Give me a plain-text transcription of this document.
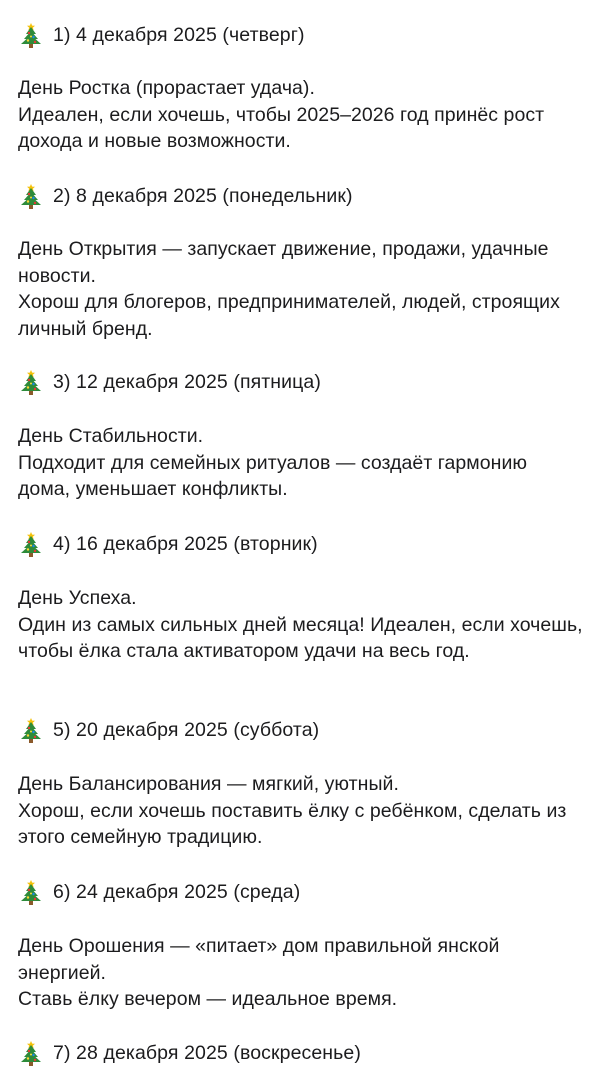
1) 4 декабря 2025 (четверг)

День Ростка (прорастает удача).

Идеален, если хочешь, чтобы 2025–2026 год принёс рост дохода и новые возможности.

2) 8 декабря 2025 (понедельник)

День Открытия — запускает движение, продажи, удачные новости.

Хорош для блогеров, предпринимателей, людей, строящих личный бренд.

3) 12 декабря 2025 (пятница)

День Стабильности.

Подходит для семейных ритуалов — создаёт гармонию дома, уменьшает конфликты.

4) 16 декабря 2025 (вторник)

День Успеха.

Один из самых сильных дней месяца! Идеален, если хочешь, чтобы ёлка стала активатором удачи на весь год.

5) 20 декабря 2025 (суббота)

День Балансирования — мягкий, уютный.

Хорош, если хочешь поставить ёлку с ребёнком, сделать из этого семейную традицию.

6) 24 декабря 2025 (среда)

День Орошения — «питает» дом правильной янской энергией.

Ставь ёлку вечером — идеальное время.

7) 28 декабря 2025 (воскресенье)
